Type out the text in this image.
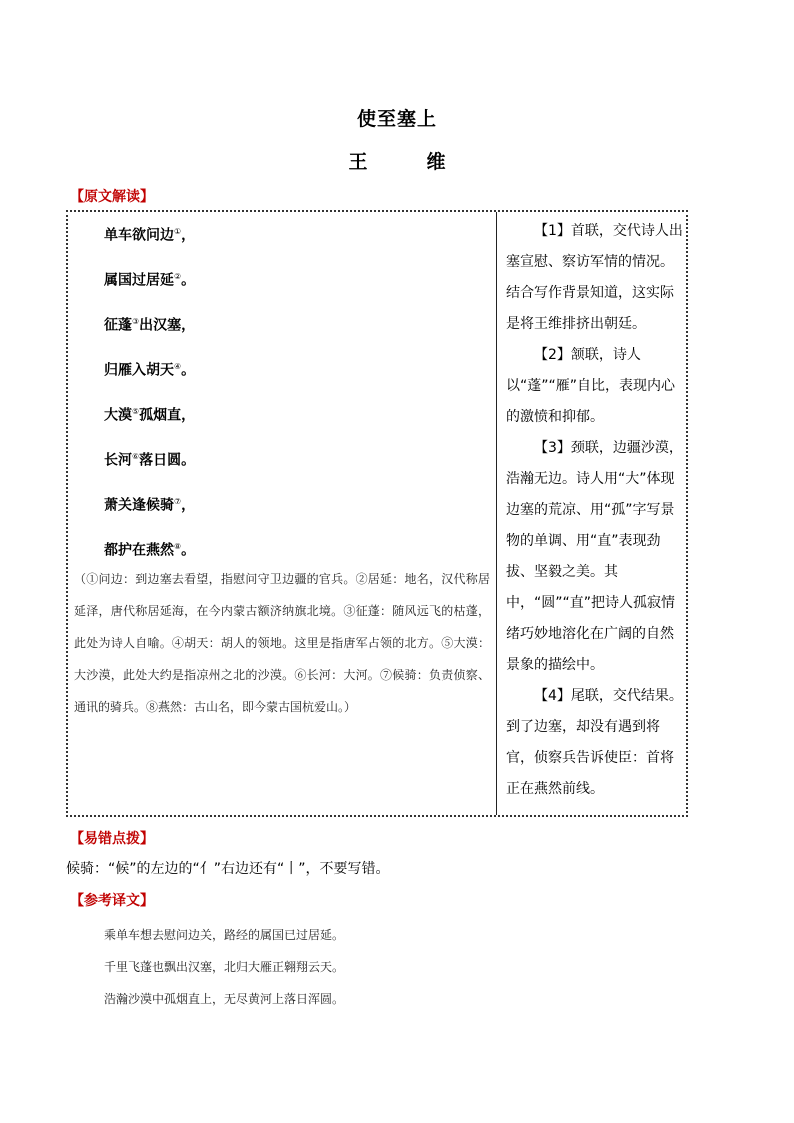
使至塞上
王　维
【原文解读】

单车欲问边①，

属国过居延②。

征蓬③出汉塞，

归雁入胡天④。

大漠⑤孤烟直，

长河⑥落日圆。

萧关逢候骑⑦，

都护在燕然⑧。

（①问边：到边塞去看望，指慰问守卫边疆的官兵。②居延：地名，汉代称居延泽，唐代称居延海，在今内蒙古额济纳旗北境。③征蓬：随风远飞的枯蓬，此处为诗人自喻。④胡天：胡人的领地。这里是指唐军占领的北方。⑤大漠：大沙漠，此处大约是指凉州之北的沙漠。⑥长河：大河。⑦候骑：负责侦察、通讯的骑兵。⑧燕然：古山名，即今蒙古国杭爱山。）

【1】首联，交代诗人出塞宣慰、察访军情的情况。结合写作背景知道，这实际是将王维排挤出朝廷。

【2】颔联，诗人以“蓬”“雁”自比，表现内心的激愤和抑郁。

【3】颈联，边疆沙漠，浩瀚无边。诗人用“大”体现边塞的荒凉、用“孤”字写景物的单调、用“直”表现劲拔、坚毅之美。其中，“圆”“直”把诗人孤寂情绪巧妙地溶化在广阔的自然景象的描绘中。

【4】尾联，交代结果。到了边塞，却没有遇到将官，侦察兵告诉使臣：首将正在燕然前线。

【易错点拨】
候骑：“候”的左边的“亻”右边还有“丨”，不要写错。
【参考译文】
乘单车想去慰问边关，路经的属国已过居延。
千里飞蓬也飘出汉塞，北归大雁正翱翔云天。
浩瀚沙漠中孤烟直上，无尽黄河上落日浑圆。
